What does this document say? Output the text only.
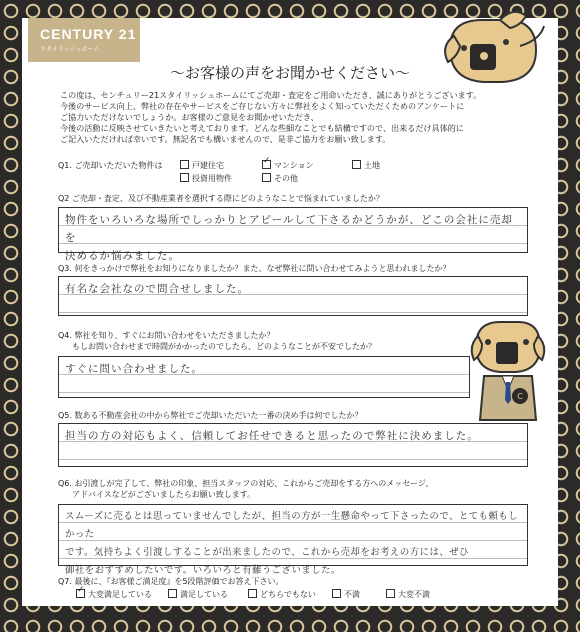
CENTURY 21
スタイリッシュホーム
〜お客様の声をお聞かせください〜
この度は、センチュリー21スタイリッシュホームにてご売却・査定をご用命いただき、誠にありがとうございます。
今後のサービス向上、弊社の存在やサービスをご存じない方々に弊社をよく知っていただくためのアンケートに
ご協力いただけないでしょうか。お客様のご意見をお聞かせいただき、
今後の活動に反映させていきたいと考えております。どんな些細なことでも結構ですので、出来るだけ具体的に
ご記入いただければ幸いです。無記名でも構いませんので、是非ご協力をお願い致します。
Q1. ご売却いただいた物件は	戸建住宅
✓	マンション	土地
投資用物件	その他
Q2 ご売却・査定、及び不動産業者を選択する際にどのようなことで悩まれていましたか？
物件をいろいろな場所でしっかりとアピールして下さるかどうかが、どこの会社に売却を
決めるか悩みました。
Q3. 何をきっかけで弊社をお知りになりましたか？また、なぜ弊社に問い合わせてみようと思われましたか？
有名な会社なので問合せしました。
Q4. 弊社を知り、すぐにお問い合わせをいただきましたか？
もしお問い合わせまで時間がかかったのでしたら、どのようなことが不安でしたか？
すぐに問い合わせました。
C
Q5. 数ある不動産会社の中から弊社でご売却いただいた一番の決め手は何でしたか？
担当の方の対応もよく、信頼してお任せできると思ったので弊社に決めました。
Q6. お引渡しが完了して、弊社の印象、担当スタッフの対応、これからご売却をする方へのメッセージ、
アドバイスなどがございましたらお願い致します。
スムーズに売るとは思っていませんでしたが、担当の方が一生懸命やって下さったので、とても頼もしかった
です。気持ちよく引渡しすることが出来ましたので、これから売却をお考えの方には、ぜひ
御社をおすすめしたいです。いろいろと有難うございました。
Q7. 最後に、『お客様ご満足度』を5段階評価でお答え下さい。
✓大変満足している	満足している	どちらでもない	不満	大変不満
